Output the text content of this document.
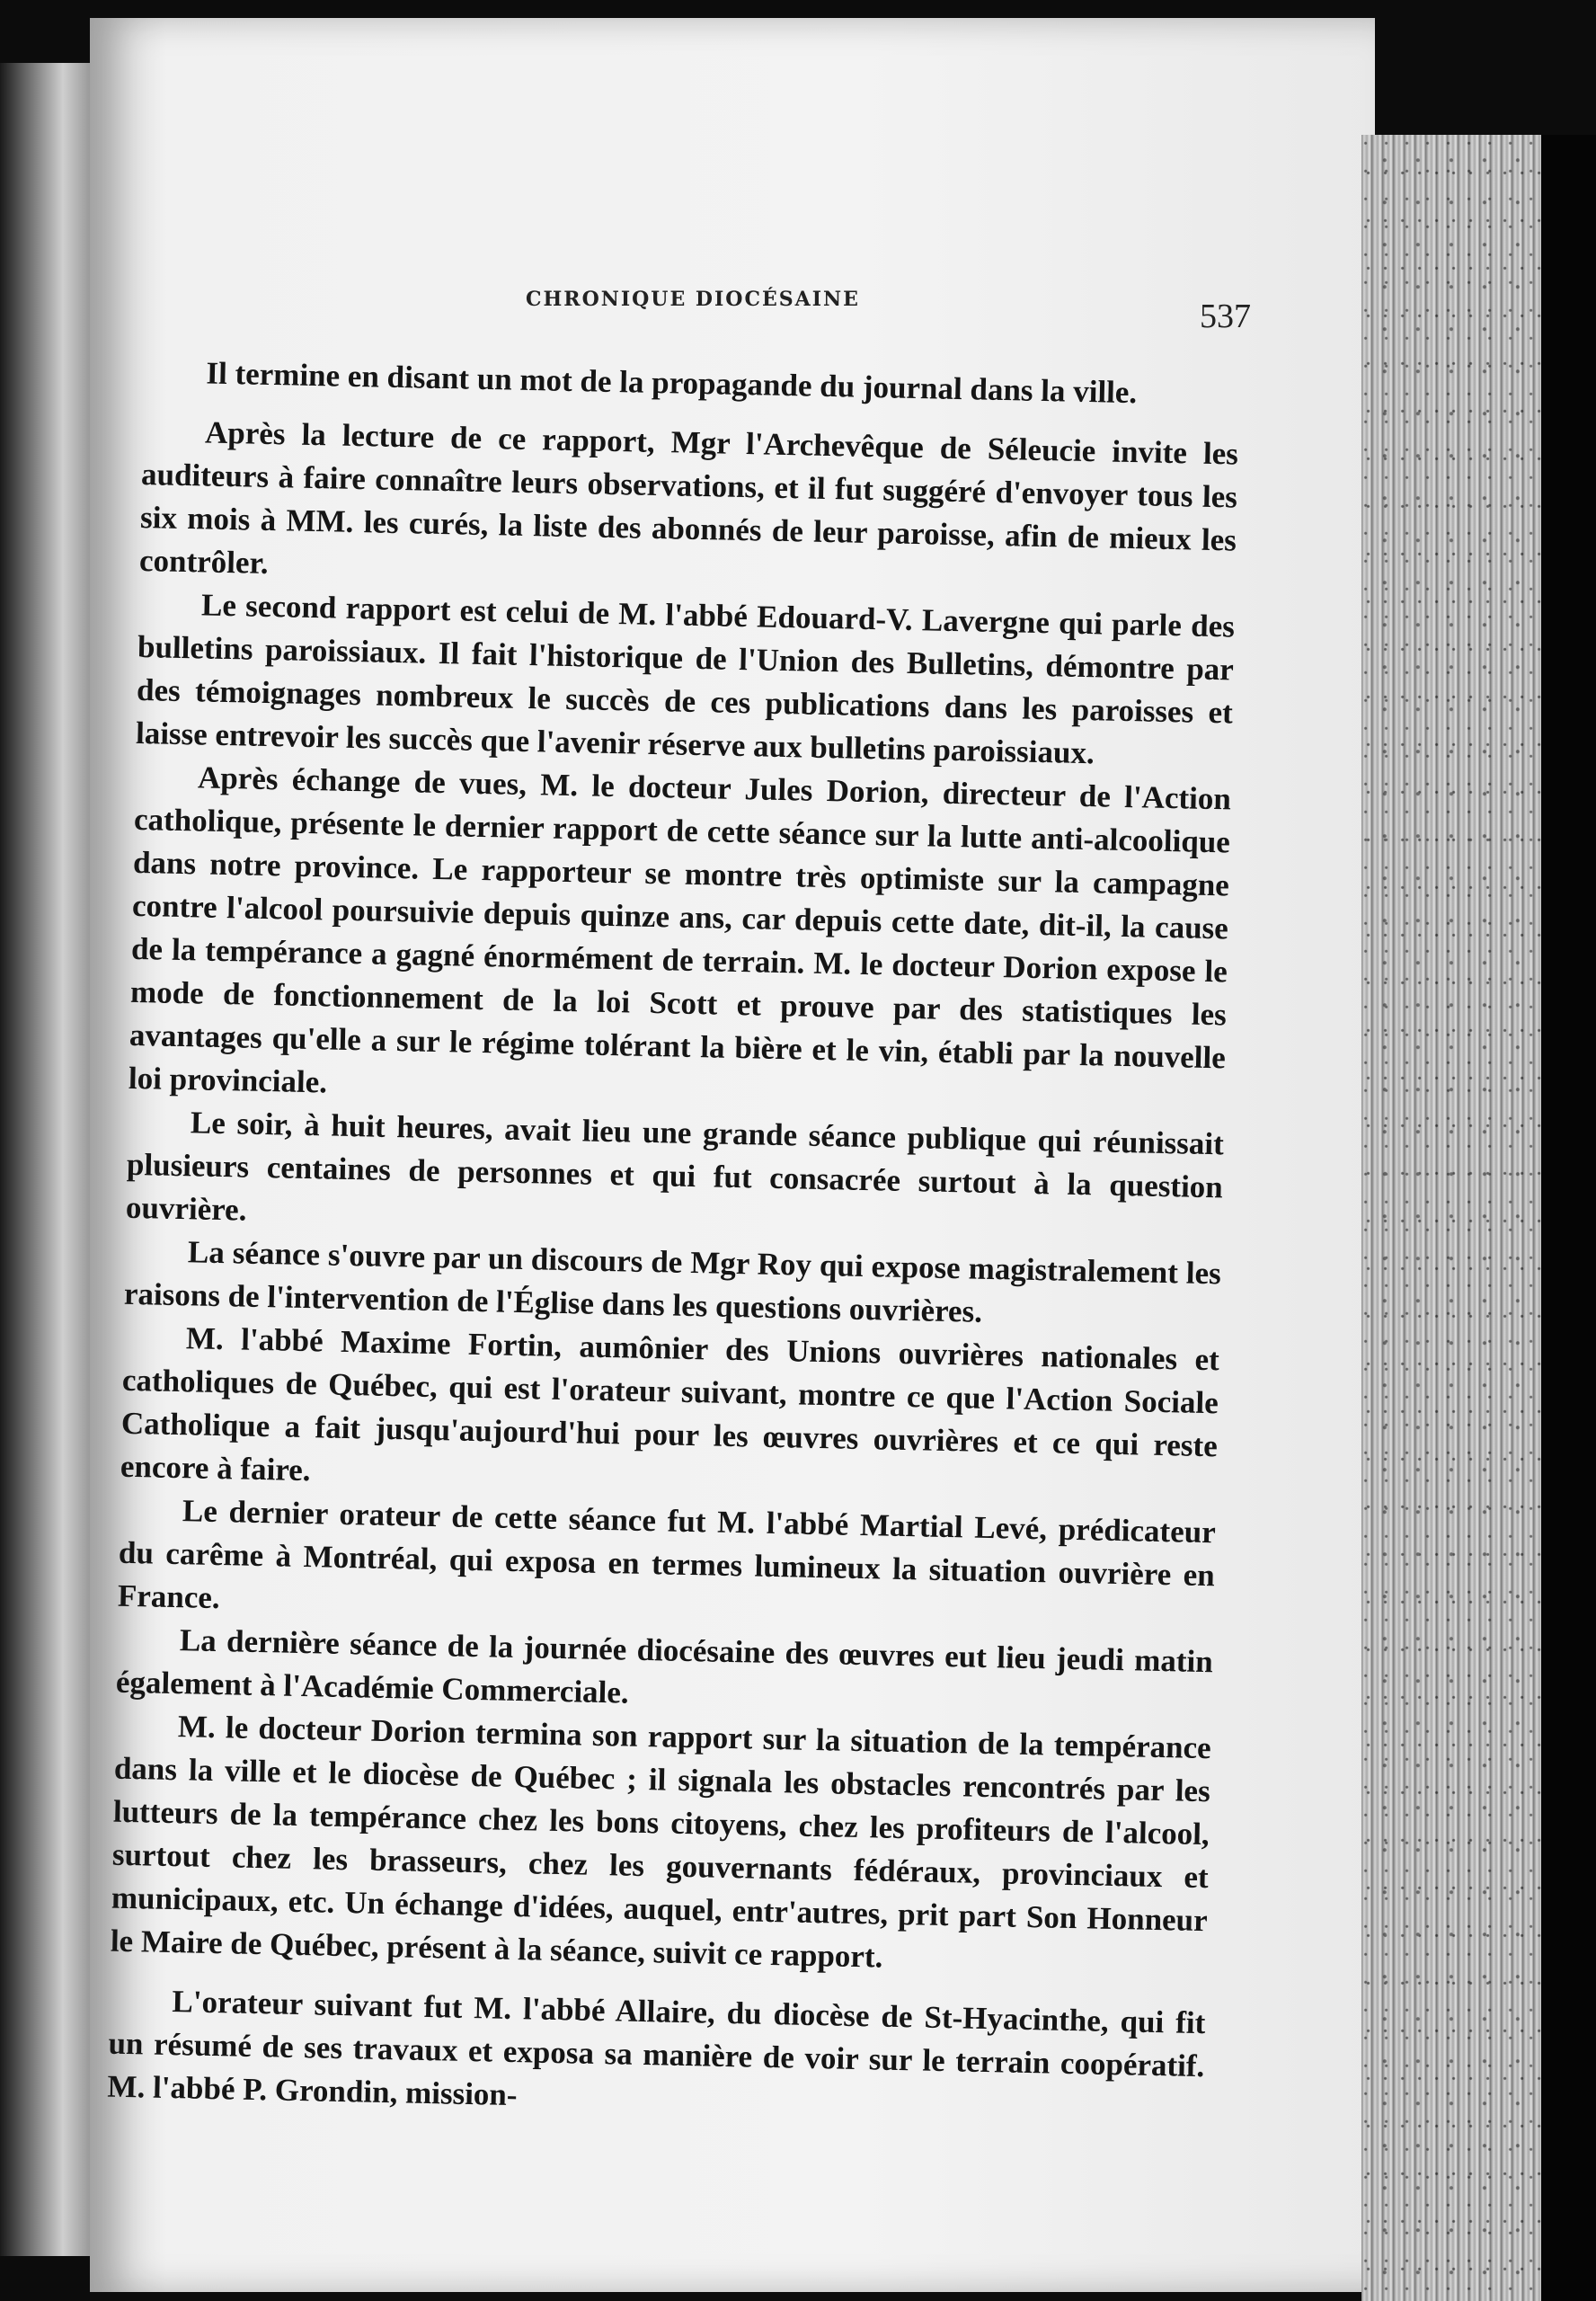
CHRONIQUE DIOCÉSAINE	537

Il termine en disant un mot de la propagande du journal dans la ville.

Après la lecture de ce rapport, Mgr l'Archevêque de Séleucie invite les auditeurs à faire connaître leurs observations, et il fut suggéré d'envoyer tous les six mois à MM. les curés, la liste des abonnés de leur paroisse, afin de mieux les contrôler.

Le second rapport est celui de M. l'abbé Edouard-V. Lavergne qui parle des bulletins paroissiaux. Il fait l'historique de l'Union des Bulletins, démontre par des témoignages nombreux le succès de ces publications dans les paroisses et laisse entrevoir les succès que l'avenir réserve aux bulletins paroissiaux.

Après échange de vues, M. le docteur Jules Dorion, directeur de l'Action catholique, présente le dernier rapport de cette séance sur la lutte anti-alcoolique dans notre province. Le rapporteur se montre très optimiste sur la campagne contre l'alcool poursuivie depuis quinze ans, car depuis cette date, dit-il, la cause de la tempérance a gagné énormément de terrain. M. le docteur Dorion expose le mode de fonctionnement de la loi Scott et prouve par des statistiques les avantages qu'elle a sur le régime tolérant la bière et le vin, établi par la nouvelle loi provinciale.

Le soir, à huit heures, avait lieu une grande séance publique qui réunissait plusieurs centaines de personnes et qui fut consacrée surtout à la question ouvrière.

La séance s'ouvre par un discours de Mgr Roy qui expose magistralement les raisons de l'intervention de l'Église dans les questions ouvrières.

M. l'abbé Maxime Fortin, aumônier des Unions ouvrières nationales et catholiques de Québec, qui est l'orateur suivant, montre ce que l'Action Sociale Catholique a fait jusqu'aujourd'hui pour les œuvres ouvrières et ce qui reste encore à faire.

Le dernier orateur de cette séance fut M. l'abbé Martial Levé, prédicateur du carême à Montréal, qui exposa en termes lumineux la situation ouvrière en France.

La dernière séance de la journée diocésaine des œuvres eut lieu jeudi matin également à l'Académie Commerciale.

M. le docteur Dorion termina son rapport sur la situation de la tempérance dans la ville et le diocèse de Québec ; il signala les obstacles rencontrés par les lutteurs de la tempérance chez les bons citoyens, chez les profiteurs de l'alcool, surtout chez les brasseurs, chez les gouvernants fédéraux, provinciaux et municipaux, etc. Un échange d'idées, auquel, entr'autres, prit part Son Honneur le Maire de Québec, présent à la séance, suivit ce rapport.

L'orateur suivant fut M. l'abbé Allaire, du diocèse de St-Hyacinthe, qui fit un résumé de ses travaux et exposa sa manière de voir sur le terrain coopératif. M. l'abbé P. Grondin, mission-
